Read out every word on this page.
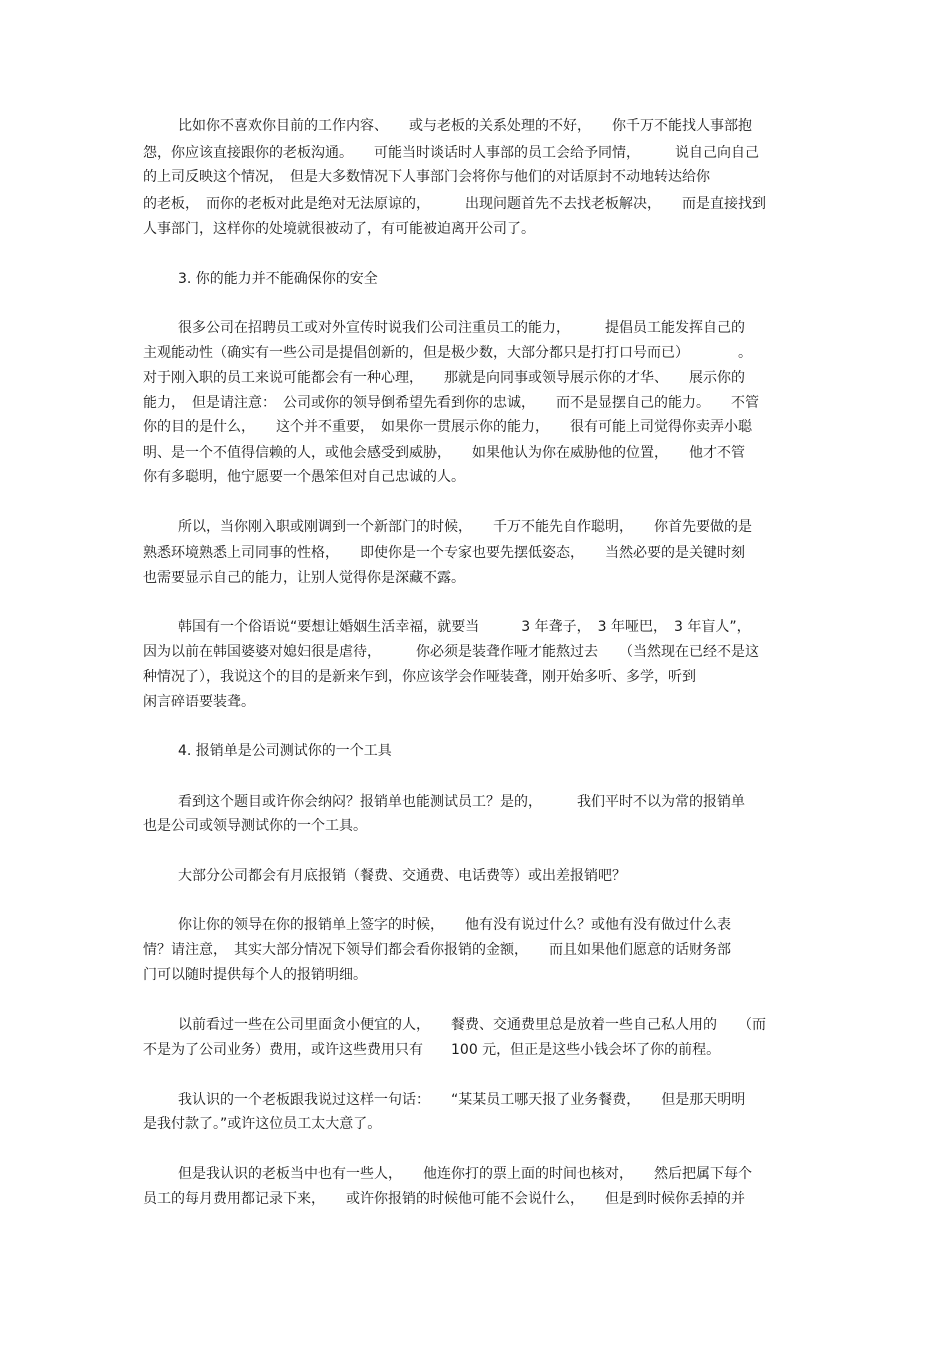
比如你不喜欢你目前的工作内容、　　或与老板的关系处理的不好，　　你千万不能找人事部抱
怨，你应该直接跟你的老板沟通。　　可能当时谈话时人事部的员工会给予同情，　　　说自己向自己
的上司反映这个情况，　但是大多数情况下人事部门会将你与他们的对话原封不动地转达给你
的老板，　而你的老板对此是绝对无法原谅的，　　　出现问题首先不去找老板解决，　　而是直接找到
人事部门，这样你的处境就很被动了，有可能被迫离开公司了。
3. 你的能力并不能确保你的安全
很多公司在招聘员工或对外宣传时说我们公司注重员工的能力，　　　提倡员工能发挥自己的
主观能动性（确实有一些公司是提倡创新的，但是极少数，大部分都只是打打口号而已）　　　　。
对于刚入职的员工来说可能都会有一种心理，　　那就是向同事或领导展示你的才华、　　展示你的
能力，　但是请注意：　公司或你的领导倒希望先看到你的忠诚，　　而不是显摆自己的能力。　　不管
你的目的是什么，　　这个并不重要，　如果你一贯展示你的能力，　　很有可能上司觉得你卖弄小聪
明、是一个不值得信赖的人，或他会感受到威胁，　　如果他认为你在威胁他的位置，　　他才不管
你有多聪明，他宁愿要一个愚笨但对自己忠诚的人。
所以，当你刚入职或刚调到一个新部门的时候，　　千万不能先自作聪明，　　你首先要做的是
熟悉环境熟悉上司同事的性格，　　即使你是一个专家也要先摆低姿态，　　当然必要的是关键时刻
也需要显示自己的能力，让别人觉得你是深藏不露。
韩国有一个俗语说“要想让婚姻生活幸福，就要当　　　3 年聋子，　3 年哑巴，　3 年盲人”，
因为以前在韩国婆婆对媳妇很是虐待，　　　你必须是装聋作哑才能熬过去　　（当然现在已经不是这
种情况了），我说这个的目的是新来乍到，你应该学会作哑装聋，刚开始多听、多学，听到
闲言碎语要装聋。
4. 报销单是公司测试你的一个工具
看到这个题目或许你会纳闷？报销单也能测试员工？是的，　　　我们平时不以为常的报销单
也是公司或领导测试你的一个工具。
大部分公司都会有月底报销（餐费、交通费、电话费等）或出差报销吧？
你让你的领导在你的报销单上签字的时候，　　他有没有说过什么？或他有没有做过什么表
情？请注意，　其实大部分情况下领导们都会看你报销的金额，　　而且如果他们愿意的话财务部
门可以随时提供每个人的报销明细。
以前看过一些在公司里面贪小便宜的人，　　餐费、交通费里总是放着一些自己私人用的　　（而
不是为了公司业务）费用，或许这些费用只有　　100 元，但正是这些小钱会坏了你的前程。
我认识的一个老板跟我说过这样一句话：　　“某某员工哪天报了业务餐费，　　但是那天明明
是我付款了。”或许这位员工太大意了。
但是我认识的老板当中也有一些人，　　他连你打的票上面的时间也核对，　　然后把属下每个
员工的每月费用都记录下来，　　或许你报销的时候他可能不会说什么，　　但是到时候你丢掉的并
